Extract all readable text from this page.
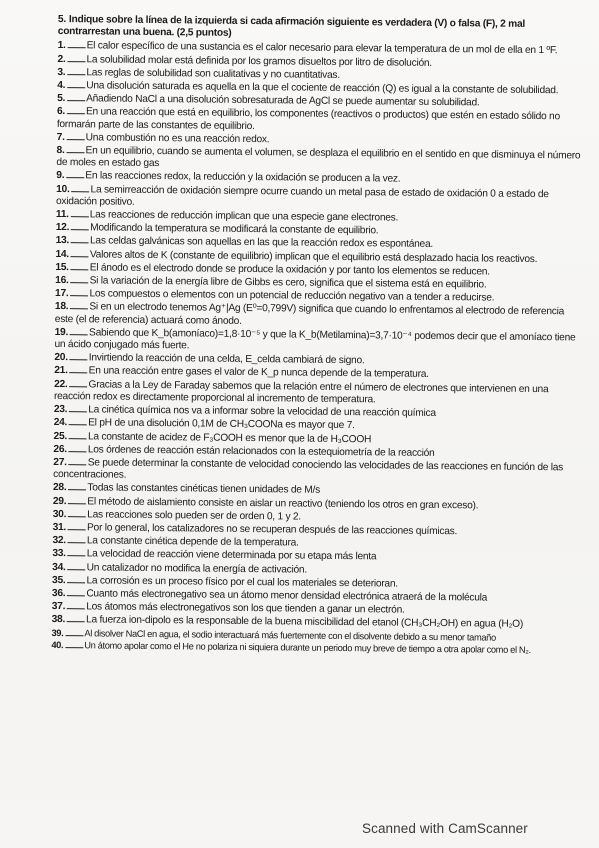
5. Indique sobre la línea de la izquierda si cada afirmación siguiente es verdadera (V) o falsa (F), 2 mal contrarrestan una buena. (2,5 puntos)
1. El calor específico de una sustancia es el calor necesario para elevar la temperatura de un mol de ella en 1 ºF.
2. La solubilidad molar está definida por los gramos disueltos por litro de disolución.
3. Las reglas de solubilidad son cualitativas y no cuantitativas.
4. Una disolución saturada es aquella en la que el cociente de reacción (Q) es igual a la constante de solubilidad.
5. Añadiendo NaCl a una disolución sobresaturada de AgCl se puede aumentar su solubilidad.
6. En una reacción que está en equilibrio, los componentes (reactivos o productos) que estén en estado sólido no formarán parte de las constantes de equilibrio.
7. Una combustión no es una reacción redox.
8. En un equilibrio, cuando se aumenta el volumen, se desplaza el equilibrio en el sentido en que disminuya el número de moles en estado gas
9. En las reacciones redox, la reducción y la oxidación se producen a la vez.
10. La semirreacción de oxidación siempre ocurre cuando un metal pasa de estado de oxidación 0 a estado de oxidación positivo.
11. Las reacciones de reducción implican que una especie gane electrones.
12. Modificando la temperatura se modificará la constante de equilibrio.
13. Las celdas galvánicas son aquellas en las que la reacción redox es espontánea.
14. Valores altos de K (constante de equilibrio) implican que el equilibrio está desplazado hacia los reactivos.
15. El ánodo es el electrodo donde se produce la oxidación y por tanto los elementos se reducen.
16. Si la variación de la energía libre de Gibbs es cero, significa que el sistema está en equilibrio.
17. Los compuestos o elementos con un potencial de reducción negativo van a tender a reducirse.
18. Si en un electrodo tenemos Ag⁺|Ag (E⁰=0,799V) significa que cuando lo enfrentamos al electrodo de referencia este (el de referencia) actuará como ánodo.
19. Sabiendo que K_b(amoníaco)=1,8·10⁻⁵ y que la K_b(Metilamina)=3,7·10⁻⁴ podemos decir que el amoníaco tiene un ácido conjugado más fuerte.
20. Invirtiendo la reacción de una celda, E_celda cambiará de signo.
21. En una reacción entre gases el valor de K_p nunca depende de la temperatura.
22. Gracias a la Ley de Faraday sabemos que la relación entre el número de electrones que intervienen en una reacción redox es directamente proporcional al incremento de temperatura.
23. La cinética química nos va a informar sobre la velocidad de una reacción química
24. El pH de una disolución 0,1M de CH₃COONa es mayor que 7.
25. La constante de acidez de F₃COOH es menor que la de H₃COOH
26. Los órdenes de reacción están relacionados con la estequiometría de la reacción
27. Se puede determinar la constante de velocidad conociendo las velocidades de las reacciones en función de las concentraciones.
28. Todas las constantes cinéticas tienen unidades de M/s
29. El método de aislamiento consiste en aislar un reactivo (teniendo los otros en gran exceso).
30. Las reacciones solo pueden ser de orden 0, 1 y 2.
31. Por lo general, los catalizadores no se recuperan después de las reacciones químicas.
32. La constante cinética depende de la temperatura.
33. La velocidad de reacción viene determinada por su etapa más lenta
34. Un catalizador no modifica la energía de activación.
35. La corrosión es un proceso físico por el cual los materiales se deterioran.
36. Cuanto más electronegativo sea un átomo menor densidad electrónica atraerá de la molécula
37. Los átomos más electronegativos son los que tienden a ganar un electrón.
38. La fuerza ion-dipolo es la responsable de la buena miscibilidad del etanol (CH₃CH₂OH) en agua (H₂O)
39. Al disolver NaCl en agua, el sodio interactuará más fuertemente con el disolvente debido a su menor tamaño
40. Un átomo apolar como el He no polariza ni siquiera durante un periodo muy breve de tiempo a otra apolar como el N₂.
Scanned with CamScanner
